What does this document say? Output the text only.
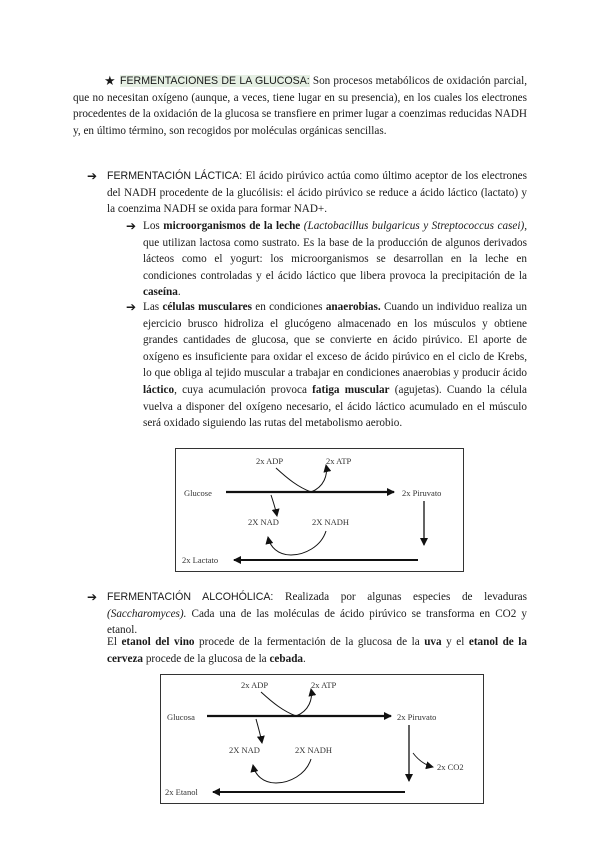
★ FERMENTACIONES DE LA GLUCOSA: Son procesos metabólicos de oxidación parcial, que no necesitan oxígeno (aunque, a veces, tiene lugar en su presencia), en los cuales los electrones procedentes de la oxidación de la glucosa se transfiere en primer lugar a coenzimas reducidas NADH y, en último término, son recogidos por moléculas orgánicas sencillas.
➔ FERMENTACIÓN LÁCTICA: El ácido pirúvico actúa como último aceptor de los electrones del NADH procedente de la glucólisis: el ácido pirúvico se reduce a ácido láctico (lactato) y la coenzima NADH se oxida para formar NAD+.
➔ Los microorganismos de la leche (Lactobacillus bulgaricus y Streptococcus casei), que utilizan lactosa como sustrato. Es la base de la producción de algunos derivados lácteos como el yogurt: los microorganismos se desarrollan en la leche en condiciones controladas y el ácido láctico que libera provoca la precipitación de la caseína.
➔ Las células musculares en condiciones anaerobias. Cuando un individuo realiza un ejercicio brusco hidroliza el glucógeno almacenado en los músculos y obtiene grandes cantidades de glucosa, que se convierte en ácido pirúvico. El aporte de oxígeno es insuficiente para oxidar el exceso de ácido pirúvico en el ciclo de Krebs, lo que obliga al tejido muscular a trabajar en condiciones anaerobias y producir ácido láctico, cuya acumulación provoca fatiga muscular (agujetas). Cuando la célula vuelva a disponer del oxígeno necesario, el ácido láctico acumulado en el músculo será oxidado siguiendo las rutas del metabolismo aerobio.
2x ADP	2x ATP
Glucose	2x Piruvato
2X NAD	2X NADH
2x Lactato
➔ FERMENTACIÓN ALCOHÓLICA: Realizada por algunas especies de levaduras (Saccharomyces). Cada una de las moléculas de ácido pirúvico se transforma en CO2 y etanol.
El etanol del vino procede de la fermentación de la glucosa de la uva y el etanol de la cerveza procede de la glucosa de la cebada.
2x ADP	2x ATP
Glucosa	2x Piruvato
2X NAD	2X NADH
2x CO2
2x Etanol
